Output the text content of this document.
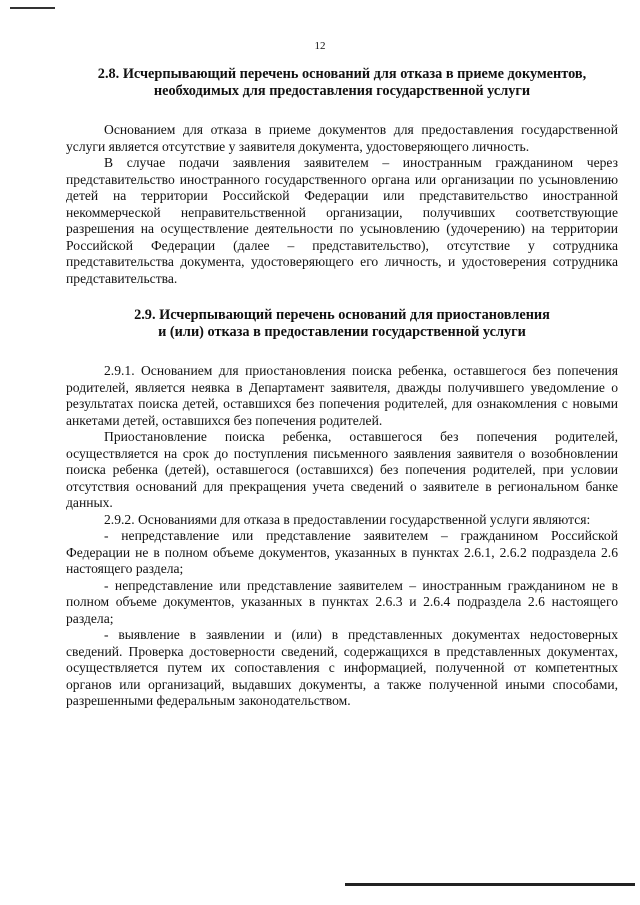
12
2.8. Исчерпывающий перечень оснований для отказа в приеме документов,
необходимых для предоставления государственной услуги

Основанием для отказа в приеме документов для предоставления государственной услуги является отсутствие у заявителя документа, удостоверяющего личность.

В случае подачи заявления заявителем – иностранным гражданином через представительство иностранного государственного органа или организации по усыновлению детей на территории Российской Федерации или представительство иностранной некоммерческой неправительственной организации, получивших соответствующие разрешения на осуществление деятельности по усыновлению (удочерению) на территории Российской Федерации (далее – представительство), отсутствие у сотрудника представительства документа, удостоверяющего его личность, и удостоверения сотрудника представительства.

2.9. Исчерпывающий перечень оснований для приостановления
и (или) отказа в предоставлении государственной услуги

2.9.1. Основанием для приостановления поиска ребенка, оставшегося без попечения родителей, является неявка в Департамент заявителя, дважды получившего уведомление о результатах поиска детей, оставшихся без попечения родителей, для ознакомления с новыми анкетами детей, оставшихся без попечения родителей.

Приостановление поиска ребенка, оставшегося без попечения родителей, осуществляется на срок до поступления письменного заявления заявителя о возобновлении поиска ребенка (детей), оставшегося (оставшихся) без попечения родителей, при условии отсутствия оснований для прекращения учета сведений о заявителе в региональном банке данных.

2.9.2. Основаниями для отказа в предоставлении государственной услуги являются:

- непредставление или представление заявителем – гражданином Российской Федерации не в полном объеме документов, указанных в пунктах 2.6.1, 2.6.2 подраздела 2.6 настоящего раздела;

- непредставление или представление заявителем – иностранным гражданином не в полном объеме документов, указанных в пунктах 2.6.3 и 2.6.4 подраздела 2.6 настоящего раздела;

- выявление в заявлении и (или) в представленных документах недостоверных сведений. Проверка достоверности сведений, содержащихся в представленных документах, осуществляется путем их сопоставления с информацией, полученной от компетентных органов или организаций, выдавших документы, а также полученной иными способами, разрешенными федеральным законодательством.
